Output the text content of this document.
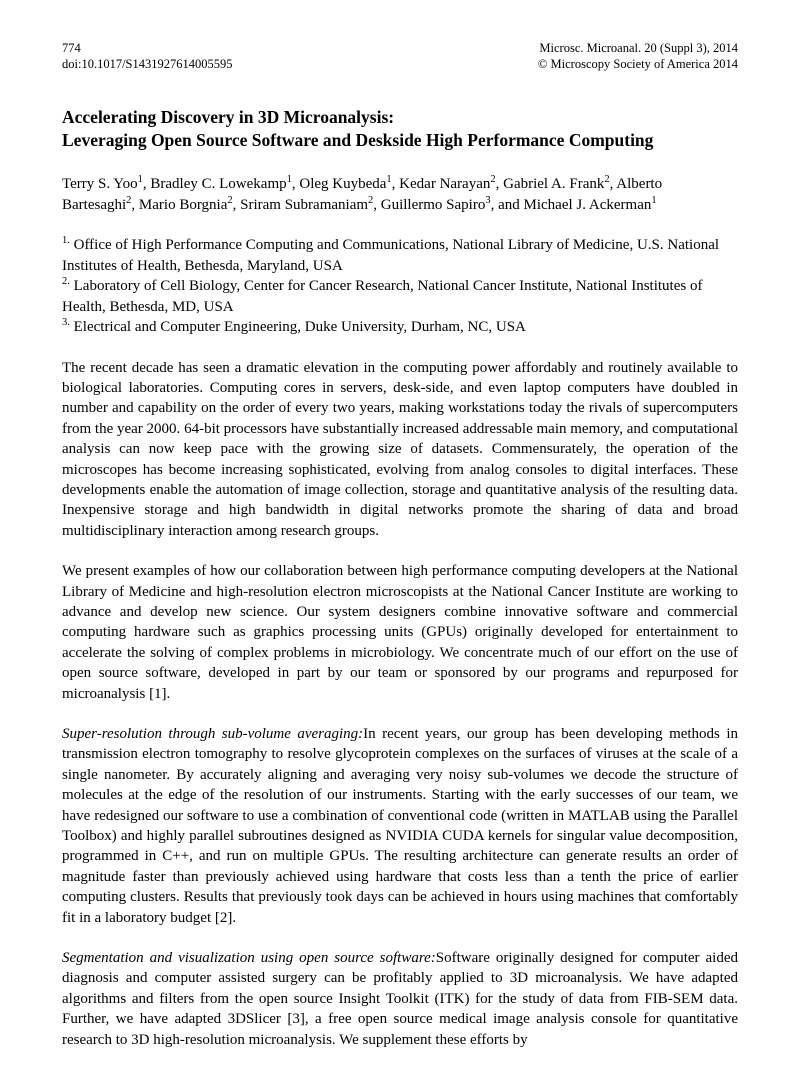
774
doi:10.1017/S1431927614005595
Microsc. Microanal. 20 (Suppl 3), 2014
© Microscopy Society of America 2014
Accelerating Discovery in 3D Microanalysis:
Leveraging Open Source Software and Deskside High Performance Computing
Terry S. Yoo$^1$, Bradley C. Lowekamp$^1$, Oleg Kuybeda$^1$, Kedar Narayan$^2$, Gabriel A. Frank$^2$, Alberto Bartesaghi$^2$, Mario Borgnia$^2$, Sriram Subramaniam$^2$, Guillermo Sapiro$^3$, and Michael J. Ackerman$^1$
$^{1.}$ Office of High Performance Computing and Communications, National Library of Medicine, U.S. National Institutes of Health, Bethesda, Maryland, USA
$^{2.}$ Laboratory of Cell Biology, Center for Cancer Research, National Cancer Institute, National Institutes of Health, Bethesda, MD, USA
$^{3.}$ Electrical and Computer Engineering, Duke University, Durham, NC, USA
The recent decade has seen a dramatic elevation in the computing power affordably and routinely available to biological laboratories. Computing cores in servers, desk-side, and even laptop computers have doubled in number and capability on the order of every two years, making workstations today the rivals of supercomputers from the year 2000. 64-bit processors have substantially increased addressable main memory, and computational analysis can now keep pace with the growing size of datasets. Commensurately, the operation of the microscopes has become increasing sophisticated, evolving from analog consoles to digital interfaces. These developments enable the automation of image collection, storage and quantitative analysis of the resulting data. Inexpensive storage and high bandwidth in digital networks promote the sharing of data and broad multidisciplinary interaction among research groups.
We present examples of how our collaboration between high performance computing developers at the National Library of Medicine and high-resolution electron microscopists at the National Cancer Institute are working to advance and develop new science. Our system designers combine innovative software and commercial computing hardware such as graphics processing units (GPUs) originally developed for entertainment to accelerate the solving of complex problems in microbiology. We concentrate much of our effort on the use of open source software, developed in part by our team or sponsored by our programs and repurposed for microanalysis [1].
Super-resolution through sub-volume averaging:In recent years, our group has been developing methods in transmission electron tomography to resolve glycoprotein complexes on the surfaces of viruses at the scale of a single nanometer. By accurately aligning and averaging very noisy sub-volumes we decode the structure of molecules at the edge of the resolution of our instruments. Starting with the early successes of our team, we have redesigned our software to use a combination of conventional code (written in MATLAB using the Parallel Toolbox) and highly parallel subroutines designed as NVIDIA CUDA kernels for singular value decomposition, programmed in C++, and run on multiple GPUs. The resulting architecture can generate results an order of magnitude faster than previously achieved using hardware that costs less than a tenth the price of earlier computing clusters. Results that previously took days can be achieved in hours using machines that comfortably fit in a laboratory budget [2].
Segmentation and visualization using open source software:Software originally designed for computer aided diagnosis and computer assisted surgery can be profitably applied to 3D microanalysis. We have adapted algorithms and filters from the open source Insight Toolkit (ITK) for the study of data from FIB-SEM data. Further, we have adapted 3DSlicer [3], a free open source medical image analysis console for quantitative research to 3D high-resolution microanalysis. We supplement these efforts by
